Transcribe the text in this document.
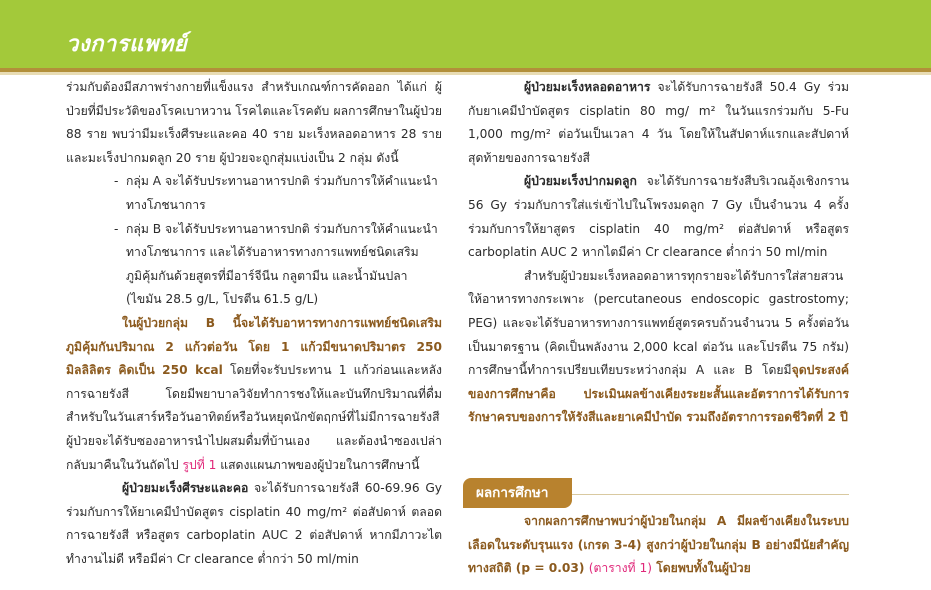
วงการแพทย์
ร่วมกับต้องมีสภาพร่างกายที่แข็งแรง สำหรับเกณฑ์การคัดออก ได้แก่ ผู้ป่วยที่มีประวัติของโรคเบาหวาน โรคไตและโรคตับ ผลการศึกษาในผู้ป่วย 88 ราย พบว่ามีมะเร็งศีรษะและคอ 40 ราย มะเร็งหลอดอาหาร 28 ราย และมะเร็งปากมดลูก 20 ราย ผู้ป่วยจะถูกสุ่มแบ่งเป็น 2 กลุ่ม ดังนี้
- กลุ่ม A จะได้รับประทานอาหารปกติ ร่วมกับการให้คำแนะนำ
ทางโภชนาการ
- กลุ่ม B จะได้รับประทานอาหารปกติ ร่วมกับการให้คำแนะนำ
ทางโภชนาการ และได้รับอาหารทางการแพทย์ชนิดเสริม
ภูมิคุ้มกันด้วยสูตรที่มีอาร์จีนีน กลูตามีน และน้ำมันปลา
(ไขมัน 28.5 g/L, โปรตีน 61.5 g/L)
ในผู้ป่วยกลุ่ม B นี้จะได้รับอาหารทางการแพทย์ชนิดเสริมภูมิคุ้มกันปริมาณ 2 แก้วต่อวัน โดย 1 แก้วมีขนาดปริมาตร 250 มิลลิลิตร คิดเป็น 250 kcal โดยที่จะรับประทาน 1 แก้วก่อนและหลังการฉายรังสี โดยมีพยาบาลวิจัยทำการชงให้และบันทึกปริมาณที่ดื่ม สำหรับในวันเสาร์หรือวันอาทิตย์หรือวันหยุดนักขัตฤกษ์ที่ไม่มีการฉายรังสี ผู้ป่วยจะได้รับซองอาหารนำไปผสมดื่มที่บ้านเอง และต้องนำซองเปล่ากลับมาคืนในวันถัดไป รูปที่ 1 แสดงแผนภาพของผู้ป่วยในการศึกษานี้
ผู้ป่วยมะเร็งศีรษะและคอ จะได้รับการฉายรังสี 60-69.96 Gy ร่วมกับการให้ยาเคมีบำบัดสูตร cisplatin 40 mg/m² ต่อสัปดาห์ ตลอดการฉายรังสี หรือสูตร carboplatin AUC 2 ต่อสัปดาห์ หากมีภาวะไตทำงานไม่ดี หรือมีค่า Cr clearance ต่ำกว่า 50 ml/min
ผู้ป่วยมะเร็งหลอดอาหาร จะได้รับการฉายรังสี 50.4 Gy ร่วมกับยาเคมีบำบัดสูตร cisplatin 80 mg/ m² ในวันแรกร่วมกับ 5-Fu 1,000 mg/m² ต่อวันเป็นเวลา 4 วัน โดยให้ในสัปดาห์แรกและสัปดาห์สุดท้ายของการฉายรังสี
ผู้ป่วยมะเร็งปากมดลูก จะได้รับการฉายรังสีบริเวณอุ้งเชิงกราน 56 Gy ร่วมกับการใส่แร่เข้าไปในโพรงมดลูก 7 Gy เป็นจำนวน 4 ครั้ง ร่วมกับการให้ยาสูตร cisplatin 40 mg/m² ต่อสัปดาห์ หรือสูตร carboplatin AUC 2 หากไตมีค่า Cr clearance ต่ำกว่า 50 ml/min
สำหรับผู้ป่วยมะเร็งหลอดอาหารทุกรายจะได้รับการใส่สายสวนให้อาหารทางกระเพาะ (percutaneous endoscopic gastrostomy; PEG) และจะได้รับอาหารทางการแพทย์สูตรครบถ้วนจำนวน 5 ครั้งต่อวันเป็นมาตรฐาน (คิดเป็นพลังงาน 2,000 kcal ต่อวัน และโปรตีน 75 กรัม) การศึกษานี้ทำการเปรียบเทียบระหว่างกลุ่ม A และ B โดยมีจุดประสงค์ของการศึกษาคือ ประเมินผลข้างเคียงระยะสั้นและอัตราการได้รับการรักษาครบของการให้รังสีและยาเคมีบำบัด รวมถึงอัตราการรอดชีวิตที่ 2 ปี
ผลการศึกษา
จากผลการศึกษาพบว่าผู้ป่วยในกลุ่ม A มีผลข้างเคียงในระบบเลือดในระดับรุนแรง (เกรด 3-4) สูงกว่าผู้ป่วยในกลุ่ม B อย่างมีนัยสำคัญทางสถิติ (p = 0.03) (ตารางที่ 1) โดยพบทั้งในผู้ป่วย
